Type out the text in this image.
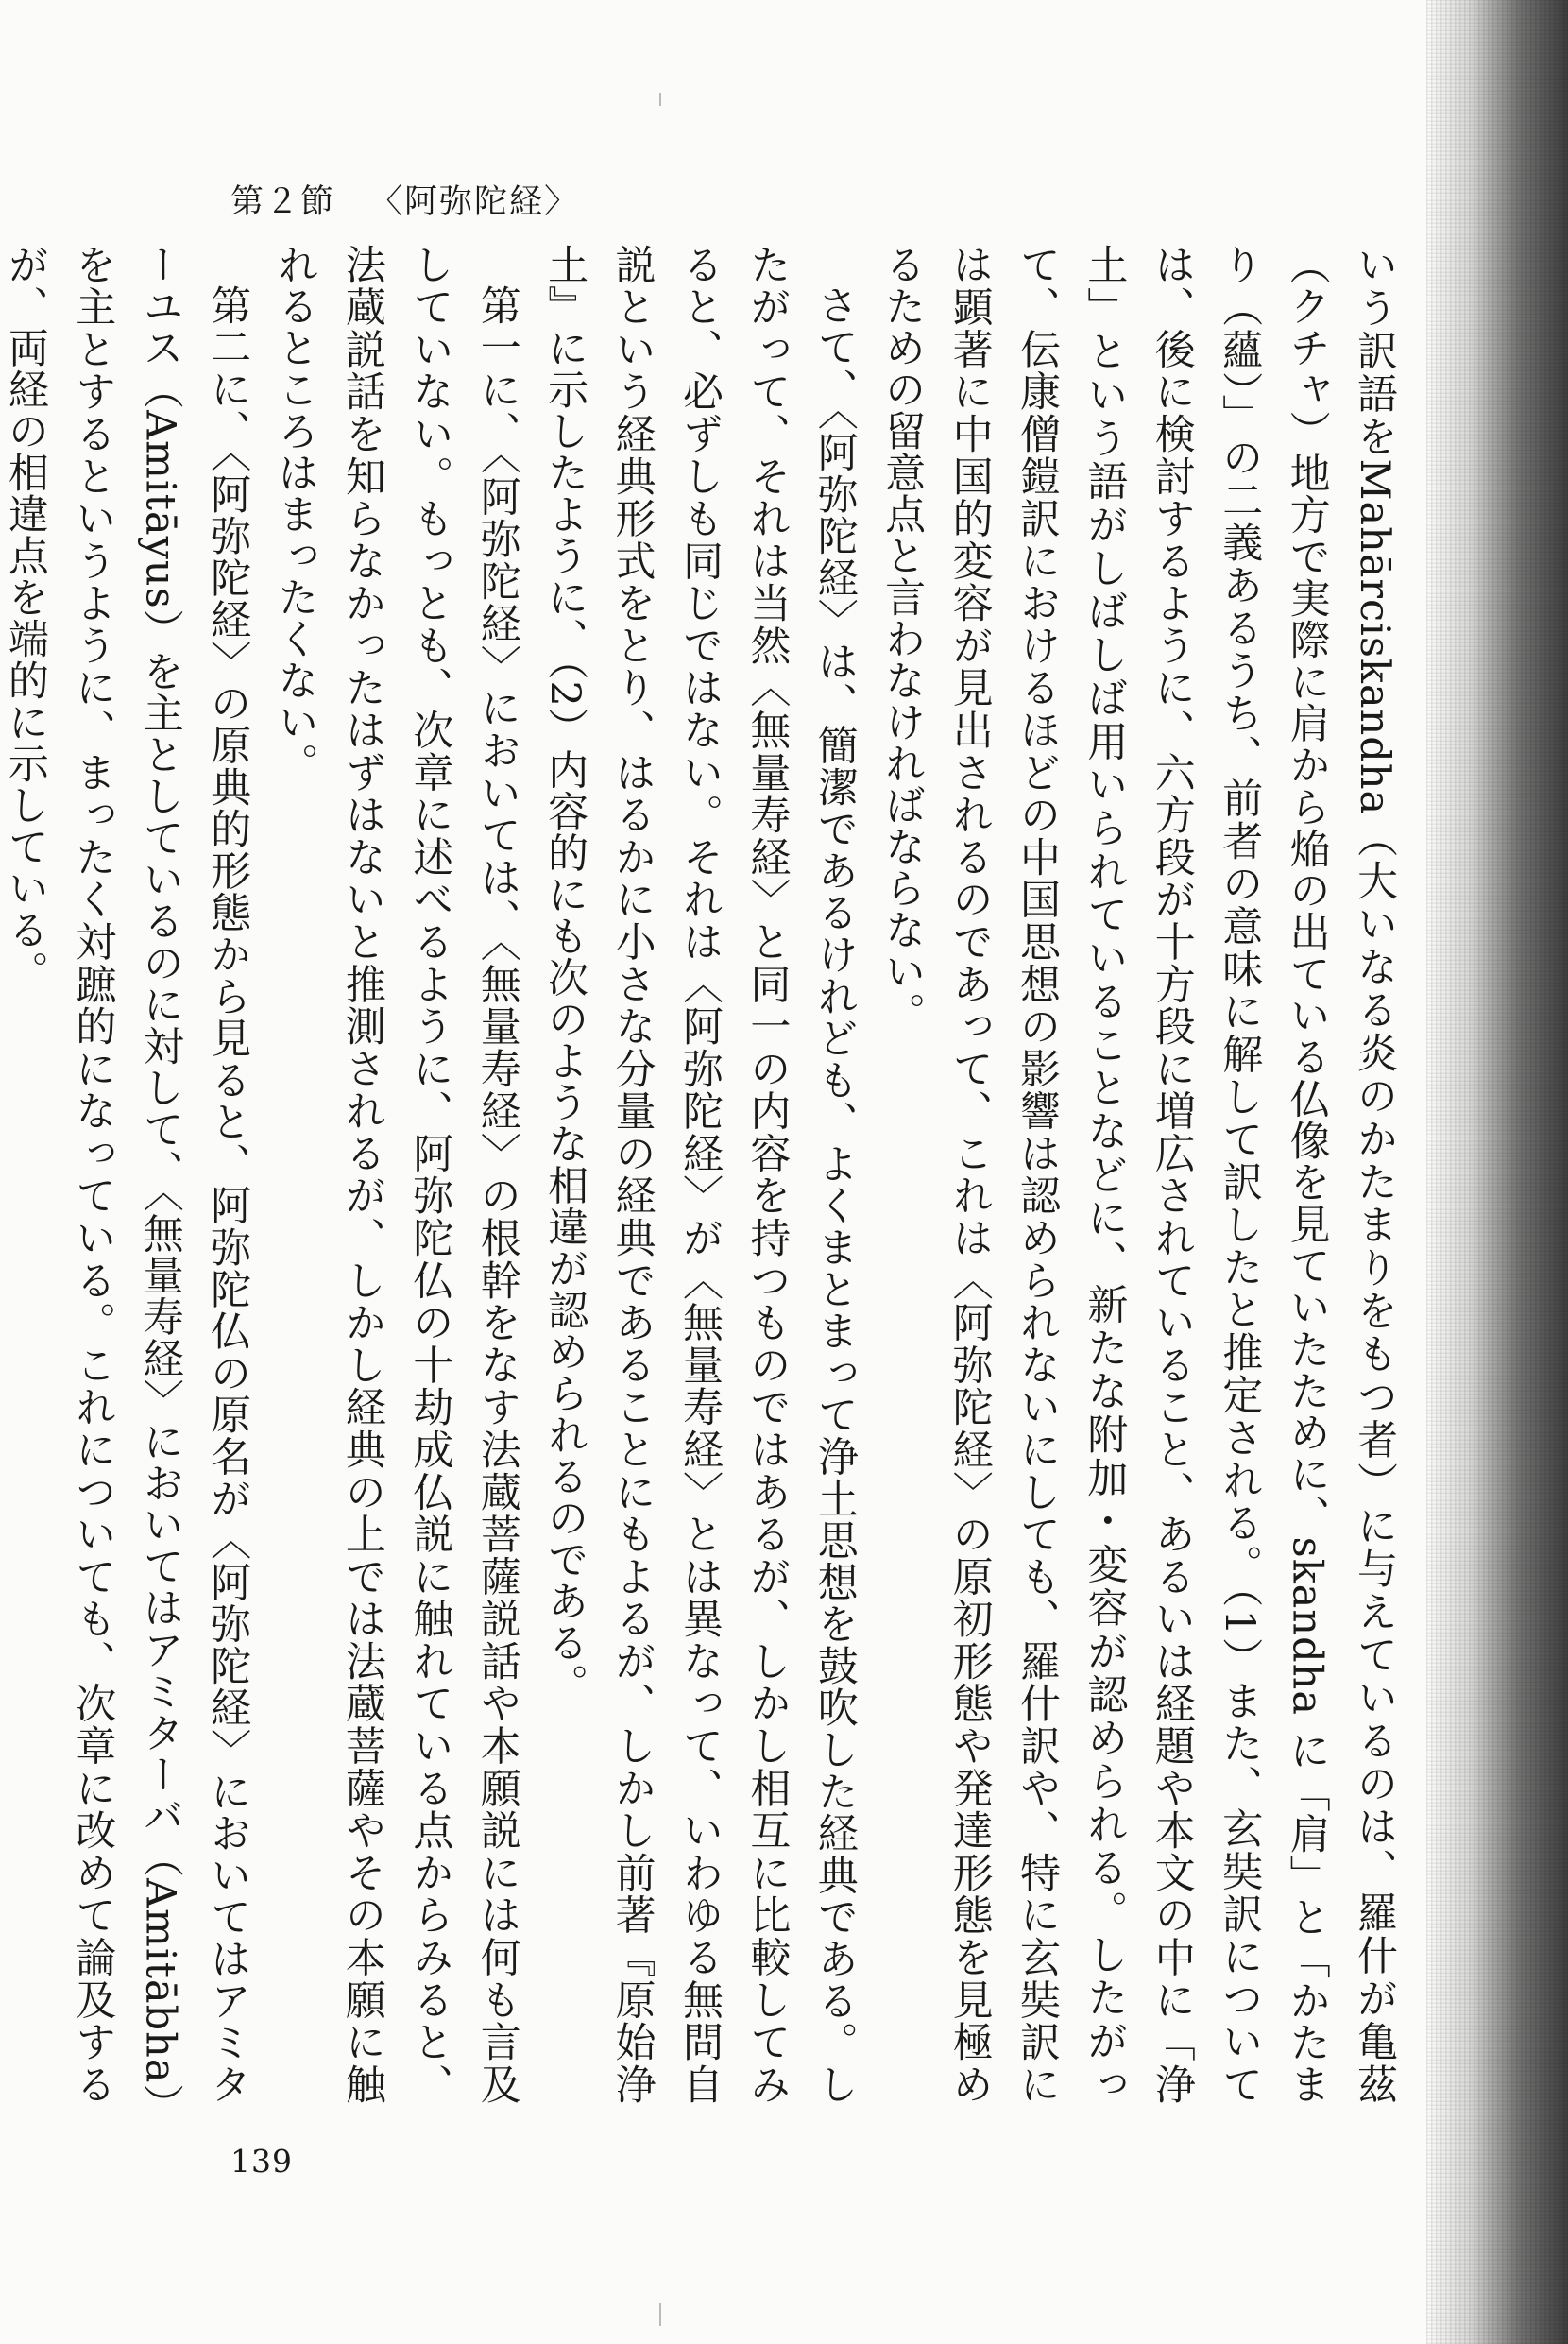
第２節 〈阿弥陀経〉

いう訳語をMahārciskandha（大いなる炎のかたまりをもつ者）に与えているのは、羅什が亀茲（クチャ）地方で実際に肩から焔の出ている仏像を見ていたために、skandha に「肩」と「かたまり（蘊）」の二義あるうち、前者の意味に解して訳したと推定される。（1）また、玄奘訳については、後に検討するように、六方段が十方段に増広されていること、あるいは経題や本文の中に「浄土」という語がしばしば用いられていることなどに、新たな附加・変容が認められる。したがって、伝康僧鎧訳におけるほどの中国思想の影響は認められないにしても、羅什訳や、特に玄奘訳には顕著に中国的変容が見出されるのであって、これは〈阿弥陀経〉の原初形態や発達形態を見極めるための留意点と言わなければならない。

さて、〈阿弥陀経〉は、簡潔であるけれども、よくまとまって浄土思想を鼓吹した経典である。したがって、それは当然〈無量寿経〉と同一の内容を持つものではあるが、しかし相互に比較してみると、必ずしも同じではない。それは〈阿弥陀経〉が〈無量寿経〉とは異なって、いわゆる無問自説という経典形式をとり、はるかに小さな分量の経典であることにもよるが、しかし前著『原始浄土』に示したように、（2）内容的にも次のような相違が認められるのである。

第一に、〈阿弥陀経〉においては、〈無量寿経〉の根幹をなす法蔵菩薩説話や本願説には何も言及していない。もっとも、次章に述べるように、阿弥陀仏の十劫成仏説に触れている点からみると、法蔵説話を知らなかったはずはないと推測されるが、しかし経典の上では法蔵菩薩やその本願に触れるところはまったくない。

第二に、〈阿弥陀経〉の原典的形態から見ると、阿弥陀仏の原名が〈阿弥陀経〉においてはアミターユス（Amitāyus）を主としているのに対して、〈無量寿経〉においてはアミターバ（Amitābha）を主とするというように、まったく対蹠的になっている。これについても、次章に改めて論及するが、両経の相違点を端的に示している。

139
